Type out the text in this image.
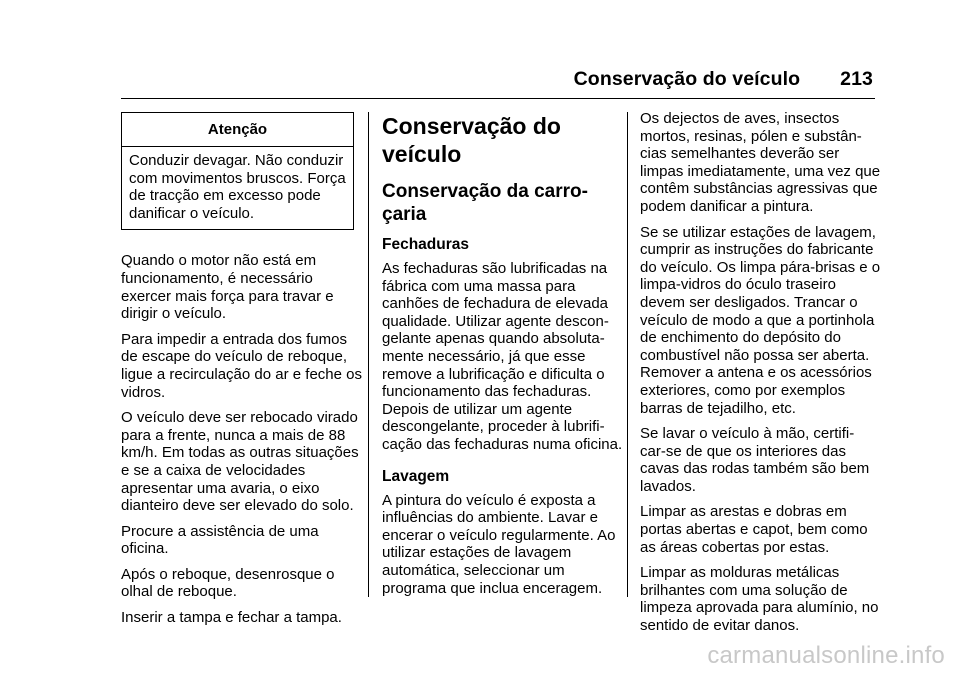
Conservação do veículo 213
Atenção
Conduzir devagar. Não conduzir
com movimentos bruscos. Força
de tracção em excesso pode
danificar o veículo.

Quando o motor não está em
funcionamento, é necessário
exercer mais força para travar e
dirigir o veículo.

Para impedir a entrada dos fumos
de escape do veículo de reboque,
ligue a recirculação do ar e feche os
vidros.

O veículo deve ser rebocado virado
para a frente, nunca a mais de 88
km/h. Em todas as outras situações
e se a caixa de velocidades
apresentar uma avaria, o eixo
dianteiro deve ser elevado do solo.

Procure a assistência de uma
oficina.

Após o reboque, desenrosque o
olhal de reboque.

Inserir a tampa e fechar a tampa.

Conservação do
veículo
Conservação da carro-
çaria
Fechaduras

As fechaduras são lubrificadas na
fábrica com uma massa para
canhões de fechadura de elevada
qualidade. Utilizar agente descon-
gelante apenas quando absoluta-
mente necessário, já que esse
remove a lubrificação e dificulta o
funcionamento das fechaduras.
Depois de utilizar um agente
descongelante, proceder à lubrifi-
cação das fechaduras numa oficina.

Lavagem

A pintura do veículo é exposta a
influências do ambiente. Lavar e
encerar o veículo regularmente. Ao
utilizar estações de lavagem
automática, seleccionar um
programa que inclua enceragem.

Os dejectos de aves, insectos
mortos, resinas, pólen e substân-
cias semelhantes deverão ser
limpas imediatamente, uma vez que
contêm substâncias agressivas que
podem danificar a pintura.

Se se utilizar estações de lavagem,
cumprir as instruções do fabricante
do veículo. Os limpa pára-brisas e o
limpa-vidros do óculo traseiro
devem ser desligados. Trancar o
veículo de modo a que a portinhola
de enchimento do depósito do
combustível não possa ser aberta.
Remover a antena e os acessórios
exteriores, como por exemplos
barras de tejadilho, etc.

Se lavar o veículo à mão, certifi-
car-se de que os interiores das
cavas das rodas também são bem
lavados.

Limpar as arestas e dobras em
portas abertas e capot, bem como
as áreas cobertas por estas.

Limpar as molduras metálicas
brilhantes com uma solução de
limpeza aprovada para alumínio, no
sentido de evitar danos.

carmanualsonline.info
